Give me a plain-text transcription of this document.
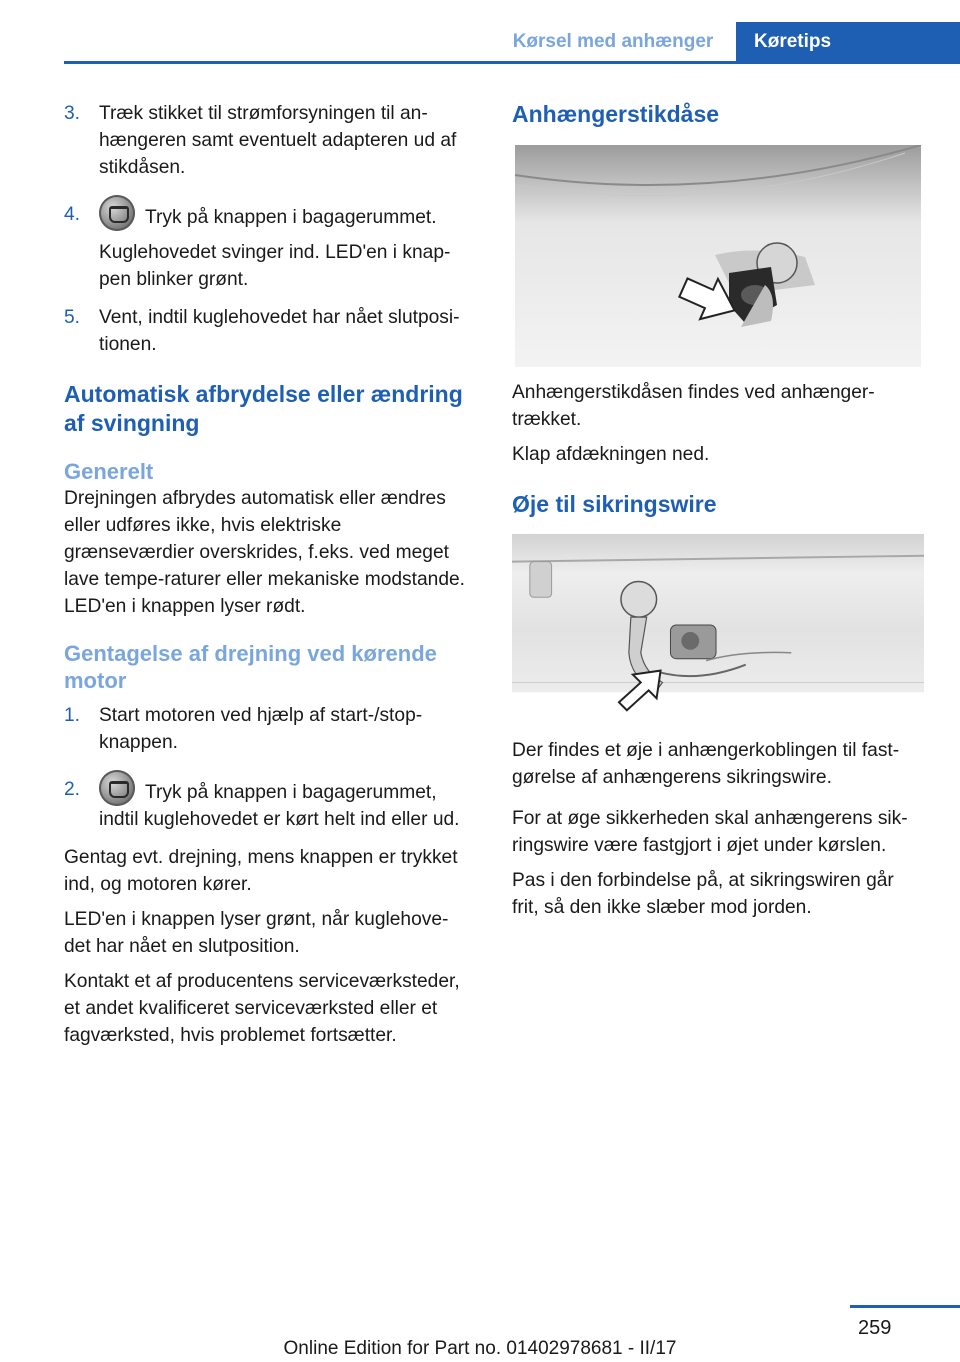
Kørsel med anhænger	Køretips
3. Træk stikket til strømforsyningen til an‐hængeren samt eventuelt adapteren ud af stikdåsen.

4.	Tryk på knappen i bagagerummet.

Kuglehovedet svinger ind. LED'en i knap‐pen blinker grønt.

5. Vent, indtil kuglehovedet har nået slutposi‐tionen.

Automatisk afbrydelse eller ændring af svingning
Generelt

Drejningen afbrydes automatisk eller ændres eller udføres ikke, hvis elektriske grænseværdier overskrides, f.eks. ved meget lave tempe‐raturer eller mekaniske modstande. LED'en i knappen lyser rødt.

Gentagelse af drejning ved kørende motor
1. Start motoren ved hjælp af start-/stop-knappen.

2.	Tryk på knappen i bagagerummet, indtil kuglehovedet er kørt helt ind eller ud.

Gentag evt. drejning, mens knappen er trykket ind, og motoren kører.

LED'en i knappen lyser grønt, når kuglehove‐det har nået en slutposition.

Kontakt et af producentens serviceværksteder, et andet kvalificeret serviceværksted eller et fagværksted, hvis problemet fortsætter.

Anhængerstikdåse

Anhængerstikdåsen findes ved anhænger‐trækket.

Klap afdækningen ned.

Øje til sikringswire

Der findes et øje i anhængerkoblingen til fast‐gørelse af anhængerens sikringswire.

For at øge sikkerheden skal anhængerens sik‐ringswire være fastgjort i øjet under kørslen.

Pas i den forbindelse på, at sikringswiren går frit, så den ikke slæber mod jorden.

259
Online Edition for Part no. 01402978681 - II/17
